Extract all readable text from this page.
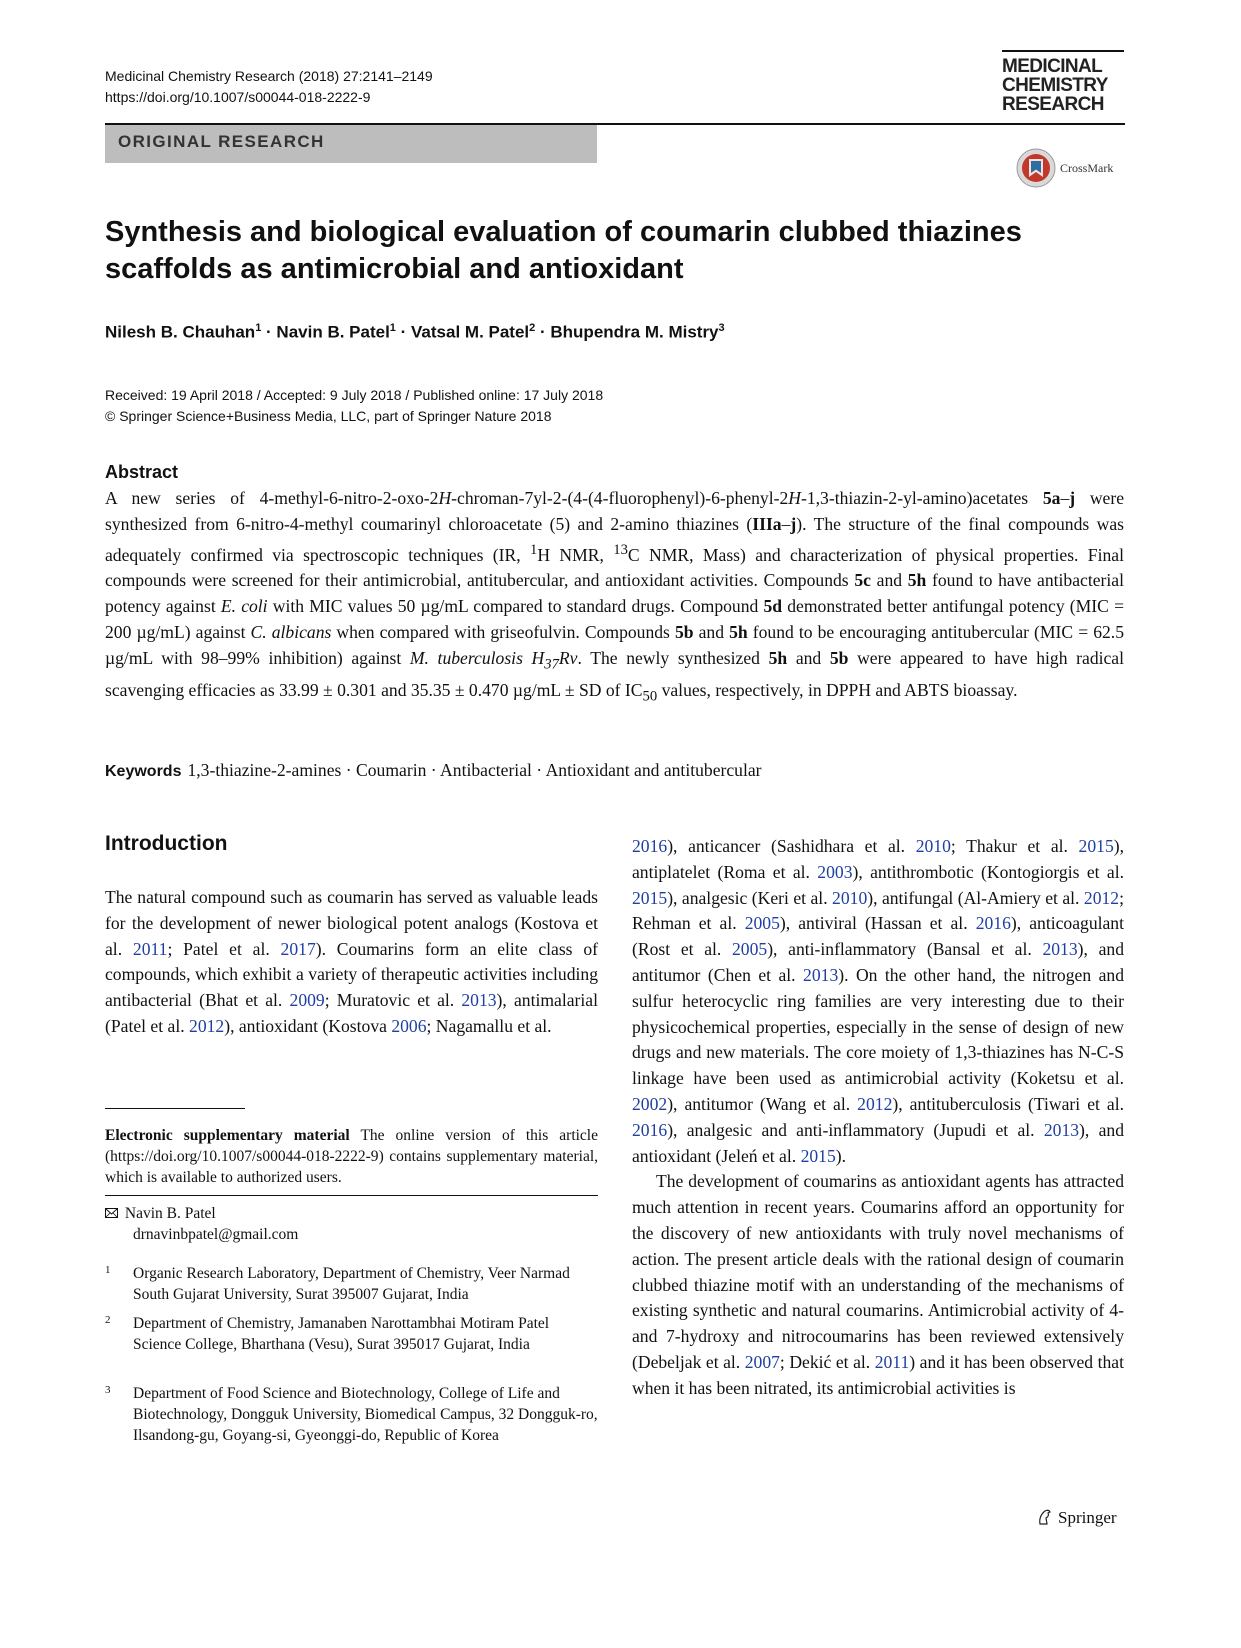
Medicinal Chemistry Research (2018) 27:2141–2149
https://doi.org/10.1007/s00044-018-2222-9
MEDICINAL
CHEMISTRY
RESEARCH
ORIGINAL RESEARCH
CrossMark
Synthesis and biological evaluation of coumarin clubbed thiazines
scaffolds as antimicrobial and antioxidant
Nilesh B. Chauhan$^1$ · Navin B. Patel$^1$ · Vatsal M. Patel$^2$ · Bhupendra M. Mistry$^3$
Received: 19 April 2018 / Accepted: 9 July 2018 / Published online: 17 July 2018
© Springer Science+Business Media, LLC, part of Springer Nature 2018
Abstract
A new series of 4-methyl-6-nitro-2-oxo-2H-chroman-7yl-2-(4-(4-fluorophenyl)-6-phenyl-2H-1,3-thiazin-2-yl-amino)acetates 5a–j were synthesized from 6-nitro-4-methyl coumarinyl chloroacetate (5) and 2-amino thiazines (IIIa–j). The structure of the final compounds was adequately confirmed via spectroscopic techniques (IR, $^1$H NMR, $^{13}$C NMR, Mass) and characterization of physical properties. Final compounds were screened for their antimicrobial, antitubercular, and antioxidant activities. Compounds 5c and 5h found to have antibacterial potency against E. coli with MIC values 50 µg/mL compared to standard drugs. Compound 5d demonstrated better antifungal potency (MIC = 200 µg/mL) against C. albicans when compared with griseofulvin. Compounds 5b and 5h found to be encouraging antitubercular (MIC = 62.5 µg/mL with 98–99% inhibition) against M. tuberculosis $H_{37}Rv$. The newly synthesized 5h and 5b were appeared to have high radical scavenging efficacies as 33.99 ± 0.301 and 35.35 ± 0.470 µg/mL ± SD of $IC_{50}$ values, respectively, in DPPH and ABTS bioassay.
Keywords 1,3-thiazine-2-amines · Coumarin · Antibacterial · Antioxidant and antitubercular
Introduction

The natural compound such as coumarin has served as valuable leads for the development of newer biological potent analogs (Kostova et al. 2011; Patel et al. 2017). Coumarins form an elite class of compounds, which exhibit a variety of therapeutic activities including antibacterial (Bhat et al. 2009; Muratovic et al. 2013), antimalarial (Patel et al. 2012), antioxidant (Kostova 2006; Nagamallu et al.

2016), anticancer (Sashidhara et al. 2010; Thakur et al. 2015), antiplatelet (Roma et al. 2003), antithrombotic (Kontogiorgis et al. 2015), analgesic (Keri et al. 2010), antifungal (Al-Amiery et al. 2012; Rehman et al. 2005), antiviral (Hassan et al. 2016), anticoagulant (Rost et al. 2005), anti-inflammatory (Bansal et al. 2013), and antitumor (Chen et al. 2013). On the other hand, the nitrogen and sulfur heterocyclic ring families are very interesting due to their physicochemical properties, especially in the sense of design of new drugs and new materials. The core moiety of 1,3-thiazines has N-C-S linkage have been used as antimicrobial activity (Koketsu et al. 2002), antitumor (Wang et al. 2012), antituberculosis (Tiwari et al. 2016), analgesic and anti-inflammatory (Jupudi et al. 2013), and antioxidant (Jeleń et al. 2015).

The development of coumarins as antioxidant agents has attracted much attention in recent years. Coumarins afford an opportunity for the discovery of new antioxidants with truly novel mechanisms of action. The present article deals with the rational design of coumarin clubbed thiazine motif with an understanding of the mechanisms of existing synthetic and natural coumarins. Antimicrobial activity of 4- and 7-hydroxy and nitrocoumarins has been reviewed extensively (Debeljak et al. 2007; Dekić et al. 2011) and it has been observed that when it has been nitrated, its antimicrobial activities is

Electronic supplementary material The online version of this article (https://doi.org/10.1007/s00044-018-2222-9) contains supplementary material, which is available to authorized users.
Navin B. Patel
drnavinbpatel@gmail.com
1 Organic Research Laboratory, Department of Chemistry, Veer Narmad South Gujarat University, Surat 395007 Gujarat, India
2 Department of Chemistry, Jamanaben Narottambhai Motiram Patel Science College, Bharthana (Vesu), Surat 395017 Gujarat, India
3 Department of Food Science and Biotechnology, College of Life and Biotechnology, Dongguk University, Biomedical Campus, 32 Dongguk-ro, Ilsandong-gu, Goyang-si, Gyeonggi-do, Republic of Korea
Springer
